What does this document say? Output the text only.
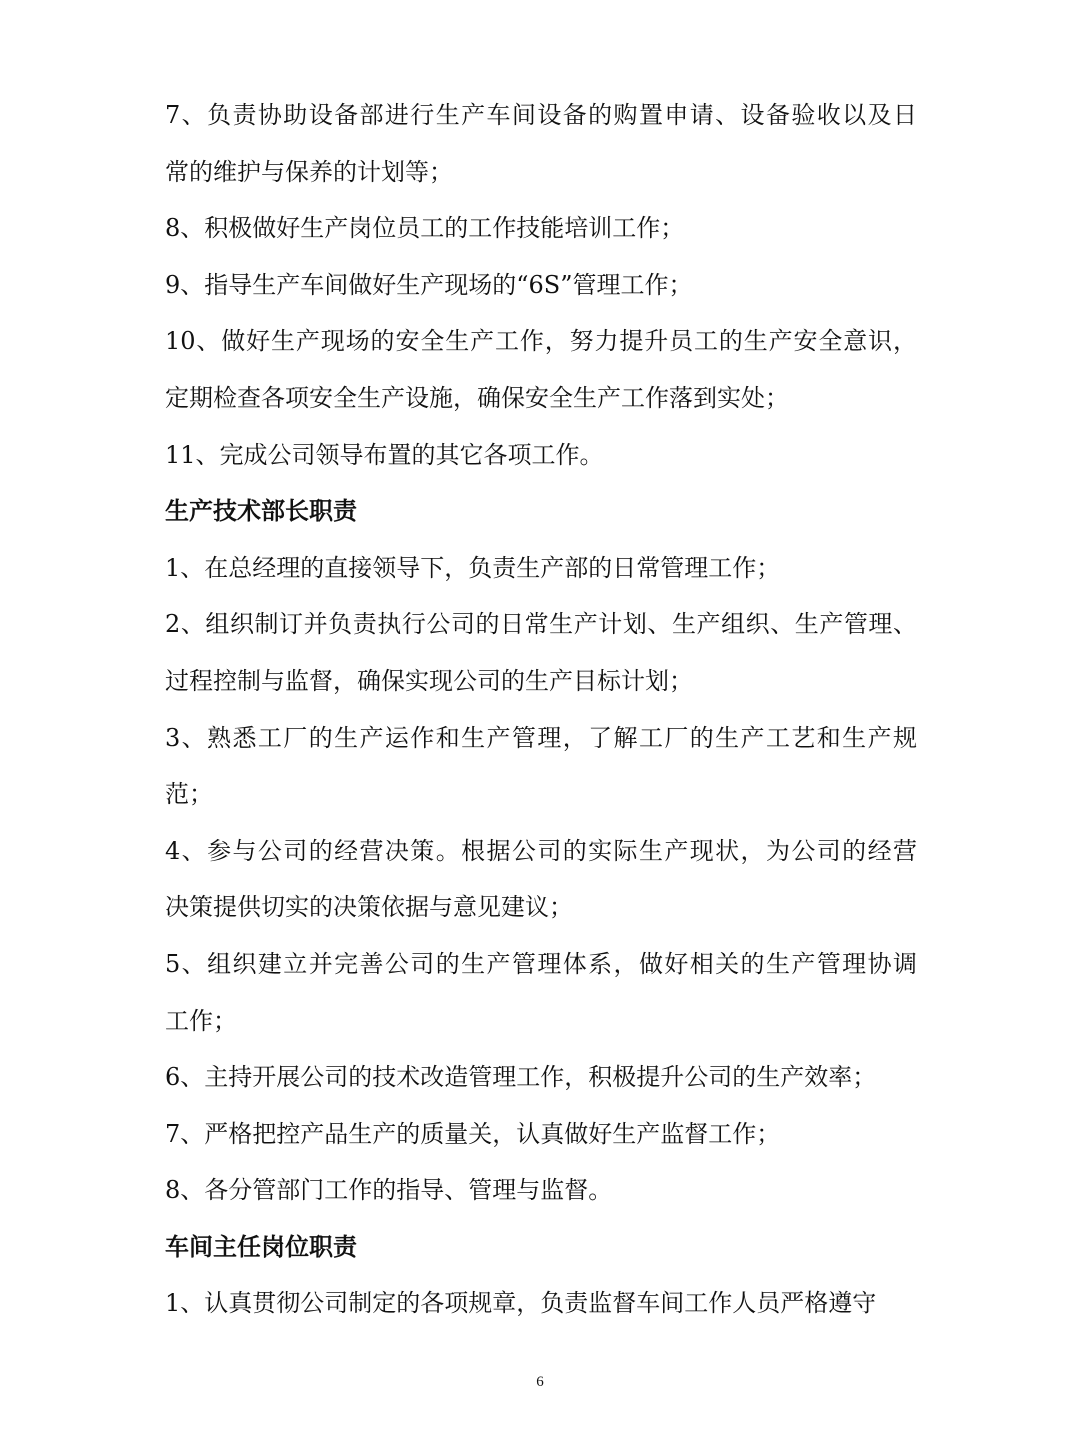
7、负责协助设备部进行生产车间设备的购置申请、设备验收以及日
常的维护与保养的计划等；
8、积极做好生产岗位员工的工作技能培训工作；
9、指导生产车间做好生产现场的“6S”管理工作；
10、做好生产现场的安全生产工作，努力提升员工的生产安全意识，
定期检查各项安全生产设施，确保安全生产工作落到实处；
11、完成公司领导布置的其它各项工作。
生产技术部长职责
1、在总经理的直接领导下，负责生产部的日常管理工作；
2、组织制订并负责执行公司的日常生产计划、生产组织、生产管理、
过程控制与监督，确保实现公司的生产目标计划；
3、熟悉工厂的生产运作和生产管理，了解工厂的生产工艺和生产规
范；
4、参与公司的经营决策。根据公司的实际生产现状，为公司的经营
决策提供切实的决策依据与意见建议；
5、组织建立并完善公司的生产管理体系，做好相关的生产管理协调
工作；
6、主持开展公司的技术改造管理工作，积极提升公司的生产效率；
7、严格把控产品生产的质量关，认真做好生产监督工作；
8、各分管部门工作的指导、管理与监督。
车间主任岗位职责
1、认真贯彻公司制定的各项规章，负责监督车间工作人员严格遵守
6
